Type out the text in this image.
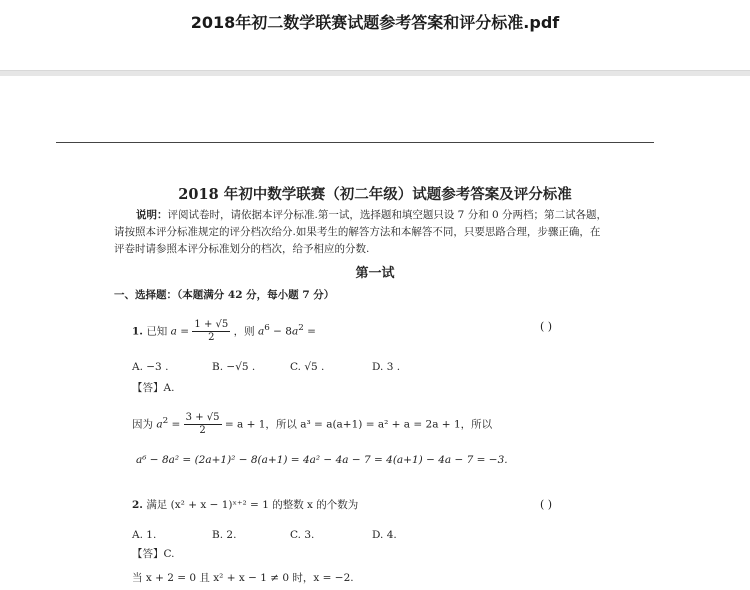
2018年初二数学联赛试题参考答案和评分标准.pdf
2018 年初中数学联赛（初二年级）试题参考答案及评分标准
说明：评阅试卷时，请依据本评分标准.第一试，选择题和填空题只设 7 分和 0 分两档；第二试各题，
请按照本评分标准规定的评分档次给分.如果考生的解答方法和本解答不同，只要思路合理，步骤正确，在
评卷时请参照本评分标准划分的档次，给予相应的分数.
第一试
一、选择题：（本题满分 42 分，每小题 7 分）
1. 已知 $a = \frac{1 + √5}{2}$ ，则 $a^6 - 8a^2$ =	( )
A. −3 .	B. −√5 .	C. √5 .	D. 3 .
【答】A.
因为 $a^2 = \frac{3 + √5}{2} = a + 1$，所以 a³ = a(a+1) = a² + a = 2a + 1，所以
a⁶ − 8a² = (2a+1)² − 8(a+1) = 4a² − 4a − 7 = 4(a+1) − 4a − 7 = −3.
2. 满足 (x² + x − 1)ˣ⁺² = 1 的整数 x 的个数为	( )
A. 1.	B. 2.	C. 3.	D. 4.
【答】C.
当 x + 2 = 0 且 x² + x − 1 ≠ 0 时，x = −2.
